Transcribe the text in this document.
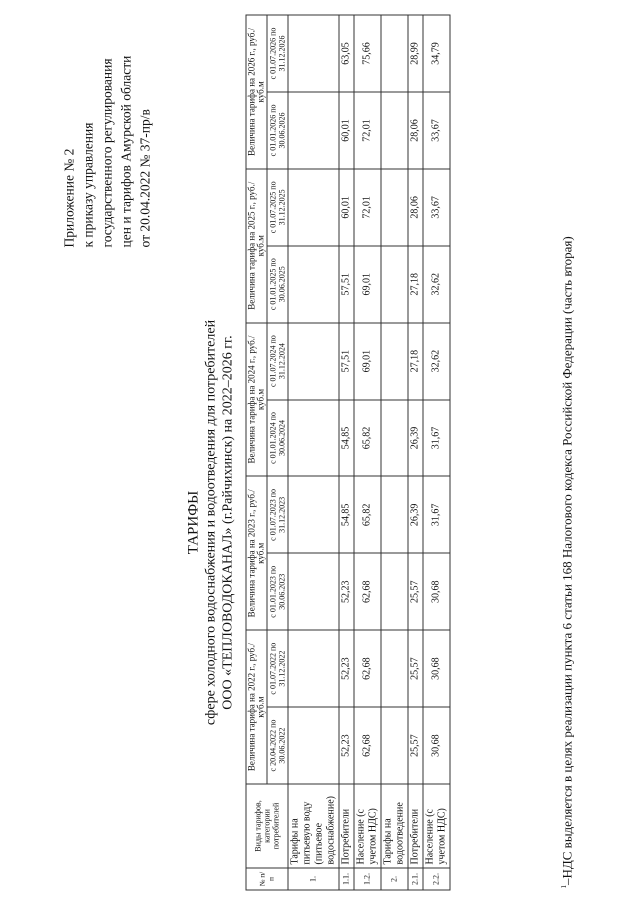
Приложение № 2 к приказу управления государственного регулирования цен и тарифов Амурской области от 20.04.2022 № 37-пр/в
ТАРИФЫ сфере холодного водоснабжения и водоотведения для потребителей ООО «ТЕПЛОВОДОКАНАЛ» (г.Райчихинск) на 2022–2026 гг.
№ п/п	Виды тарифов, категории потребителей	Величина тарифа на 2022 г., руб./куб.м		Величина тарифа на 2023 г., руб./куб.м		Величина тарифа на 2024 г., руб./куб.м		Величина тарифа на 2025 г., руб./куб.м		Величина тарифа на 2026 г., руб./куб.м	
		с 20.04.2022 по 30.06.2022	с 01.07.2022 по 31.12.2022	с 01.01.2023 по 30.06.2023	с 01.07.2023 по 31.12.2023	с 01.01.2024 по 30.06.2024	с 01.07.2024 по 31.12.2024	с 01.01.2025 по 30.06.2025	с 01.07.2025 по 31.12.2025	с 01.01.2026 по 30.06.2026	с 01.07.2026 по 31.12.2026
1.	Тарифы на питьевую воду (питьевое водоснабжение)										
1.1.	Потребители	52,23	52,23	52,23	54,85	54,85	57,51	57,51	60,01	60,01	63,05
1.2.	Население (с учетом НДС)	62,68	62,68	62,68	65,82	65,82	69,01	69,01	72,01	72,01	75,66
2.	Тарифы на водоотведение										
2.1.	Потребители	25,57	25,57	25,57	26,39	26,39	27,18	27,18	28,06	28,06	28,99
2.2.	Население (с учетом НДС)	30,68	30,68	30,68	31,67	31,67	32,62	32,62	33,67	33,67	34,79
$^1$–НДС выделяется в целях реализации пункта 6 статьи 168 Налогового кодекса Российской Федерации (часть вторая)
